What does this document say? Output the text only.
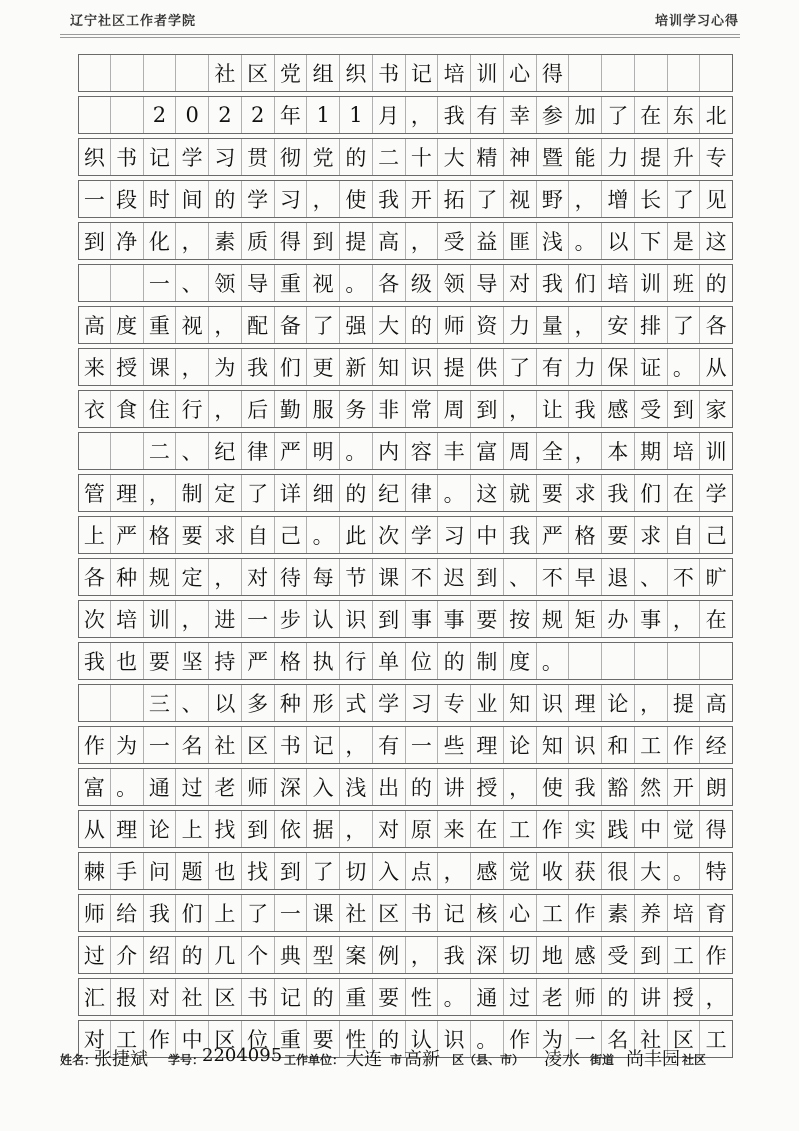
辽宁社区工作者学院	培训学习心得

社 区 党 组 织 书 记 培 训 心 得

2 0 2 2 年 1 1 月 ， 我 有 幸 参 加 了 在 东 北
织 书 记 学 习 贯 彻 党 的 二 十 大 精 神 暨 能 力 提 升 专
一 段 时 间 的 学 习 ， 使 我 开 拓 了 视 野 ， 增 长 了 见
到 净 化 ， 素 质 得 到 提 高 ， 受 益 匪 浅 。 以 下 是 这

一 、 领 导 重 视 。 各 级 领 导 对 我 们 培 训 班 的
高 度 重 视 ， 配 备 了 强 大 的 师 资 力 量 ， 安 排 了 各
来 授 课 ， 为 我 们 更 新 知 识 提 供 了 有 力 保 证 。 从
衣 食 住 行 ， 后 勤 服 务 非 常 周 到 ， 让 我 感 受 到 家

二 、 纪 律 严 明 。 内 容 丰 富 周 全 ， 本 期 培 训
管 理 ， 制 定 了 详 细 的 纪 律 。 这 就 要 求 我 们 在 学
上 严 格 要 求 自 己 。 此 次 学 习 中 我 严 格 要 求 自 己
各 种 规 定 ， 对 待 每 节 课 不 迟 到 、 不 早 退 、 不 旷
次 培 训 ， 进 一 步 认 识 到 事 事 要 按 规 矩 办 事 ， 在
我 也 要 坚 持 严 格 执 行 单 位 的 制 度 。

三 、 以 多 种 形 式 学 习 专 业 知 识 理 论 ， 提 高
作 为 一 名 社 区 书 记 ， 有 一 些 理 论 知 识 和 工 作 经
富 。 通 过 老 师 深 入 浅 出 的 讲 授 ， 使 我 豁 然 开 朗
从 理 论 上 找 到 依 据 ， 对 原 来 在 工 作 实 践 中 觉 得
棘 手 问 题 也 找 到 了 切 入 点 ， 感 觉 收 获 很 大 。 特
师 给 我 们 上 了 一 课 社 区 书 记 核 心 工 作 素 养 培 育
过 介 绍 的 几 个 典 型 案 例 ， 我 深 切 地 感 受 到 工 作
汇 报 对 社 区 书 记 的 重 要 性 。 通 过 老 师 的 讲 授 ，
对 工 作 中 区 位 重 要 性 的 认 识 。 作 为 一 名 社 区 工
姓名：
张捷斌 学号：
2204095 工作单位： 大连 市 高新 区（县、市） 凌水 街道 尚丰园 社区
